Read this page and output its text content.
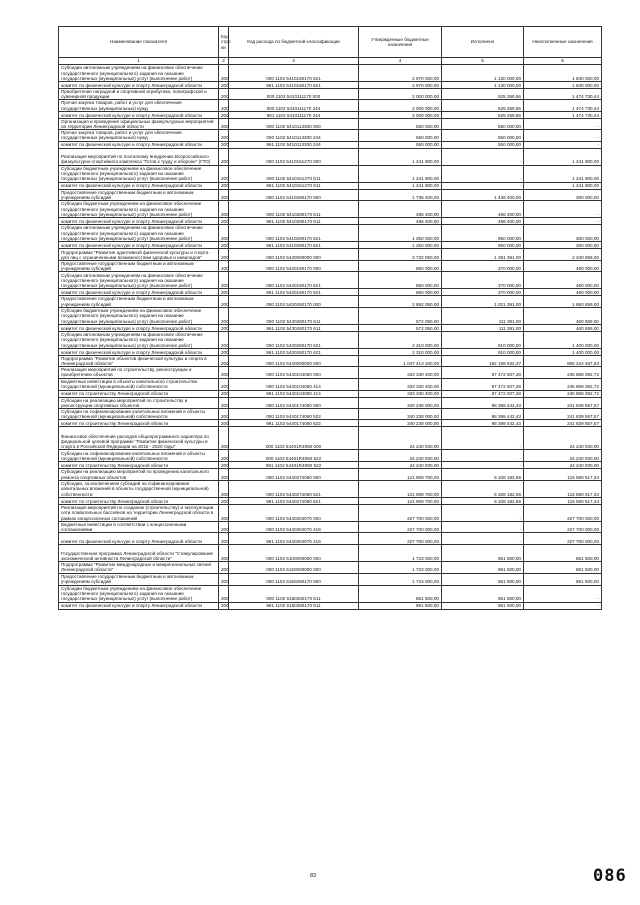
Наименование показателя	Код стро ки	Код расхода по бюджетной классификации	Утвержденные бюджетные назначения	Исполнено	Неисполненные назначения
1	2	3	4	5	6
Субсидии автономным учреждениям на финансовое обеспечение государственного (муниципального) задания на оказание государственных (муниципальных) услуг (выполнение работ)	200	000 1102 5410160170 621	2 970 000,00	1 130 000,00	1 840 000,00
комитет по физической культуре и спорту Ленинградской области	200	961 1102 5410160170 621	2 970 000,00	1 130 000,00	1 840 000,00
Приобретение наградной и спортивной атрибутики, полиграфской и сувенирной продукции	200	000 1102 5410111170 000	2 000 000,00	525 269,56	1 474 730,44
Прочая закупка товаров, работ и услуг для обеспечения государственных (муниципальных) нужд	200	000 1102 5410111170 244	2 000 000,00	525 269,56	1 474 730,44
комитет по физической культуре и спорту Ленинградской области	200	961 1102 5410111170 244	2 000 000,00	525 269,56	1 474 730,44
Организация и проведение официальных физкультурных мероприятий на территории Ленинградской области	200	000 1102 5410113300 000	550 000,00	550 000,00	-
Прочая закупка товаров, работ и услуг для обеспечения государственных (муниципальных) нужд	200	000 1102 5410113300 244	550 000,00	550 000,00	-
комитет по физической культуре и спорту Ленинградской области	200	961 1102 5410113300 244	550 000,00	550 000,00	-
Реализация мероприятий по поэтапному внедрению Всероссийского физкультурно-спортивного комплекса "Готов к труду и обороне" (ГТО)	200	000 1102 5410151270 000	1 241 900,00	-	1 241 900,00
Субсидии бюджетным учреждениям на финансовое обеспечение государственного (муниципального) задания на оказание государственных (муниципальных) услуг (выполнение работ)	200	000 1102 5410151270 611	1 241 900,00	-	1 241 900,00
комитет по физической культуре и спорту Ленинградской области	200	961 1102 5410151270 611	1 241 900,00	-	1 241 900,00
Предоставление государственным бюджетным и автономным учреждениям субсидий	200	000 1102 5410290170 000	1 736 400,00	1 436 400,00	300 000,00
Субсидии бюджетным учреждениям на финансовое обеспечение государственного (муниципального) задания на оказание государственных (муниципальных) услуг (выполнение работ)	200	000 1102 5410290170 611	486 400,00	486 400,00	-
комитет по физической культуре и спорту Ленинградской области	200	961 1102 5410290170 611	486 400,00	486 400,00	-
Субсидии автономным учреждениям на финансовое обеспечение государственного (муниципального) задания на оказание государственных (муниципальных) услуг (выполнение работ)	200	000 1102 5410290170 621	1 250 000,00	950 000,00	300 000,00
комитет по физической культуре и спорту Ленинградской области	200	961 1102 5410290170 621	1 250 000,00	950 000,00	300 000,00
Подпрограмма "Развитие адаптивной физической культуры и спорта для лиц с ограниченными возможностями здоровья и инвалидов"	200	000 1102 5430000000 000	3 732 050,00	1 391 391,00	2 340 659,00
Предоставление государственным бюджетным и автономным учреждениям субсидий	200	000 1102 5430160170 000	850 000,00	370 000,00	480 000,00
Субсидии автономным учреждениям на финансовое обеспечение государственного (муниципального) задания на оказание государственных (муниципальных) услуг (выполнение работ)	200	000 1102 5430160170 621	850 000,00	370 000,00	480 000,00
комитет по физической культуре и спорту Ленинградской области	200	961 1102 5430160170 621	850 000,00	370 000,00	480 000,00
Предоставление государственным бюджетным и автономным учреждениям субсидий	200	000 1102 5430260170 000	2 882 050,00	1 021 391,00	1 860 659,00
Субсидии бюджетным учреждениям на финансовое обеспечение государственного (муниципального) задания на оказание государственных (муниципальных) услуг (выполнение работ)	200	000 1102 5430260170 611	572 050,00	111 391,00	460 659,00
комитет по физической культуре и спорту Ленинградской области	200	961 1102 5430260170 611	572 050,00	111 391,00	460 659,00
Субсидии автономным учреждениям на финансовое обеспечение государственного (муниципального) задания на оказание государственных (муниципальных) услуг (выполнение работ)	200	000 1102 5430260170 621	2 310 000,00	910 000,00	1 400 000,00
комитет по физической культуре и спорту Ленинградской области	200	961 1102 5430260170 621	2 310 000,00	910 000,00	1 400 000,00
Подпрограмма "Развитие объектов физической культуры и спорта в Ленинградской области"	200	000 1102 5440000000 000	1 047 413 100,00	182 188 632,37	865 224 467,63
Реализация мероприятий по строительству, реконструкции и приобретению объектов	200	000 1102 5440104050 000	333 330 400,00	87 472 007,28	245 858 392,72
Бюджетные инвестиции в объекты капитального строительства государственной (муниципальной) собственности	200	000 1102 5440104050 414	333 330 400,00	87 472 007,28	245 858 392,72
комитет по строительству Ленинградской области	200	981 1102 5440104050 414	333 330 400,00	87 472 007,28	245 858 392,72
Субсидии на реализацию мероприятий по строительству и реконструкции спортивных объектов	200	000 1102 5440174050 000	340 238 000,00	98 398 442,43	241 839 557,57
Субсидии на софинансирование капитальных вложений в объекты государственной (муниципальной) собственности	200	000 1102 5440174050 522	340 238 000,00	98 398 442,43	241 839 557,57
комитет по строительству Ленинградской области	200	981 1102 5440174050 522	340 238 000,00	98 398 442,43	241 839 557,57
Финансовое обеспечение расходов общепрограммного характера по федеральной целевой программе "Развитие физической культуры и спорта в Российской Федерации на 2016 - 2020 годы"	200	000 1102 54401R4950 000	24 240 000,00	-	24 240 000,00
Субсидии на софинансирование капитальных вложений в объекты государственной (муниципальной) собственности	200	000 1102 54401R4950 522	24 240 000,00	-	24 240 000,00
комитет по строительству Ленинградской области	200	981 1102 54401R4950 522	24 240 000,00	-	24 240 000,00
Субсидии на реализацию мероприятий по проведению капитального ремонта спортивных объектов	200	000 1102 5440274060 000	121 908 700,00	6 328 182,66	115 580 517,34
Субсидии, за исключением субсидий на софинансирование капитальных вложений в объекты государственной (муниципальной) собственности	200	000 1102 5440274060 521	121 908 700,00	6 328 182,66	115 580 517,34
комитет по строительству Ленинградской области	200	981 1102 5440274060 521	121 908 700,00	6 328 182,66	115 580 517,34
Реализация мероприятий по созданию (строительству) и эксплуатации сети плавательных бассейнов на территории Ленинградской области в рамках концессионных соглашений	200	000 1102 5440304070 000	227 700 000,00	-	227 700 000,00
Бюджетные инвестиции в соответствии с концессионными соглашениями	200	000 1102 5440304070 416	227 700 000,00	-	227 700 000,00
комитет по физической культуре и спорту Ленинградской области	200	961 1102 5440304070 416	227 700 000,00	-	227 700 000,00
Государственная программа Ленинградской области "Стимулирование экономической активности Ленинградской области"	200	000 1102 6100000000 000	1 723 000,00	861 500,00	861 500,00
Подпрограмма "Развитие международных и межрегиональных связей Ленинградской области"	200	000 1102 6160000000 000	1 723 000,00	861 500,00	861 500,00
Предоставление государственным бюджетным и автономным учреждениям субсидий	200	000 1102 6160260170 000	1 723 000,00	861 500,00	861 500,00
Субсидии бюджетным учреждениям на финансовое обеспечение государственного (муниципального) задания на оказание государственных (муниципальных) услуг (выполнение работ)	200	000 1102 6160260170 611	861 500,00	861 500,00	-
комитет по физической культуре и спорту Ленинградской области	200	961 1102 6160260170 611	861 500,00	861 500,00	-
83	086
